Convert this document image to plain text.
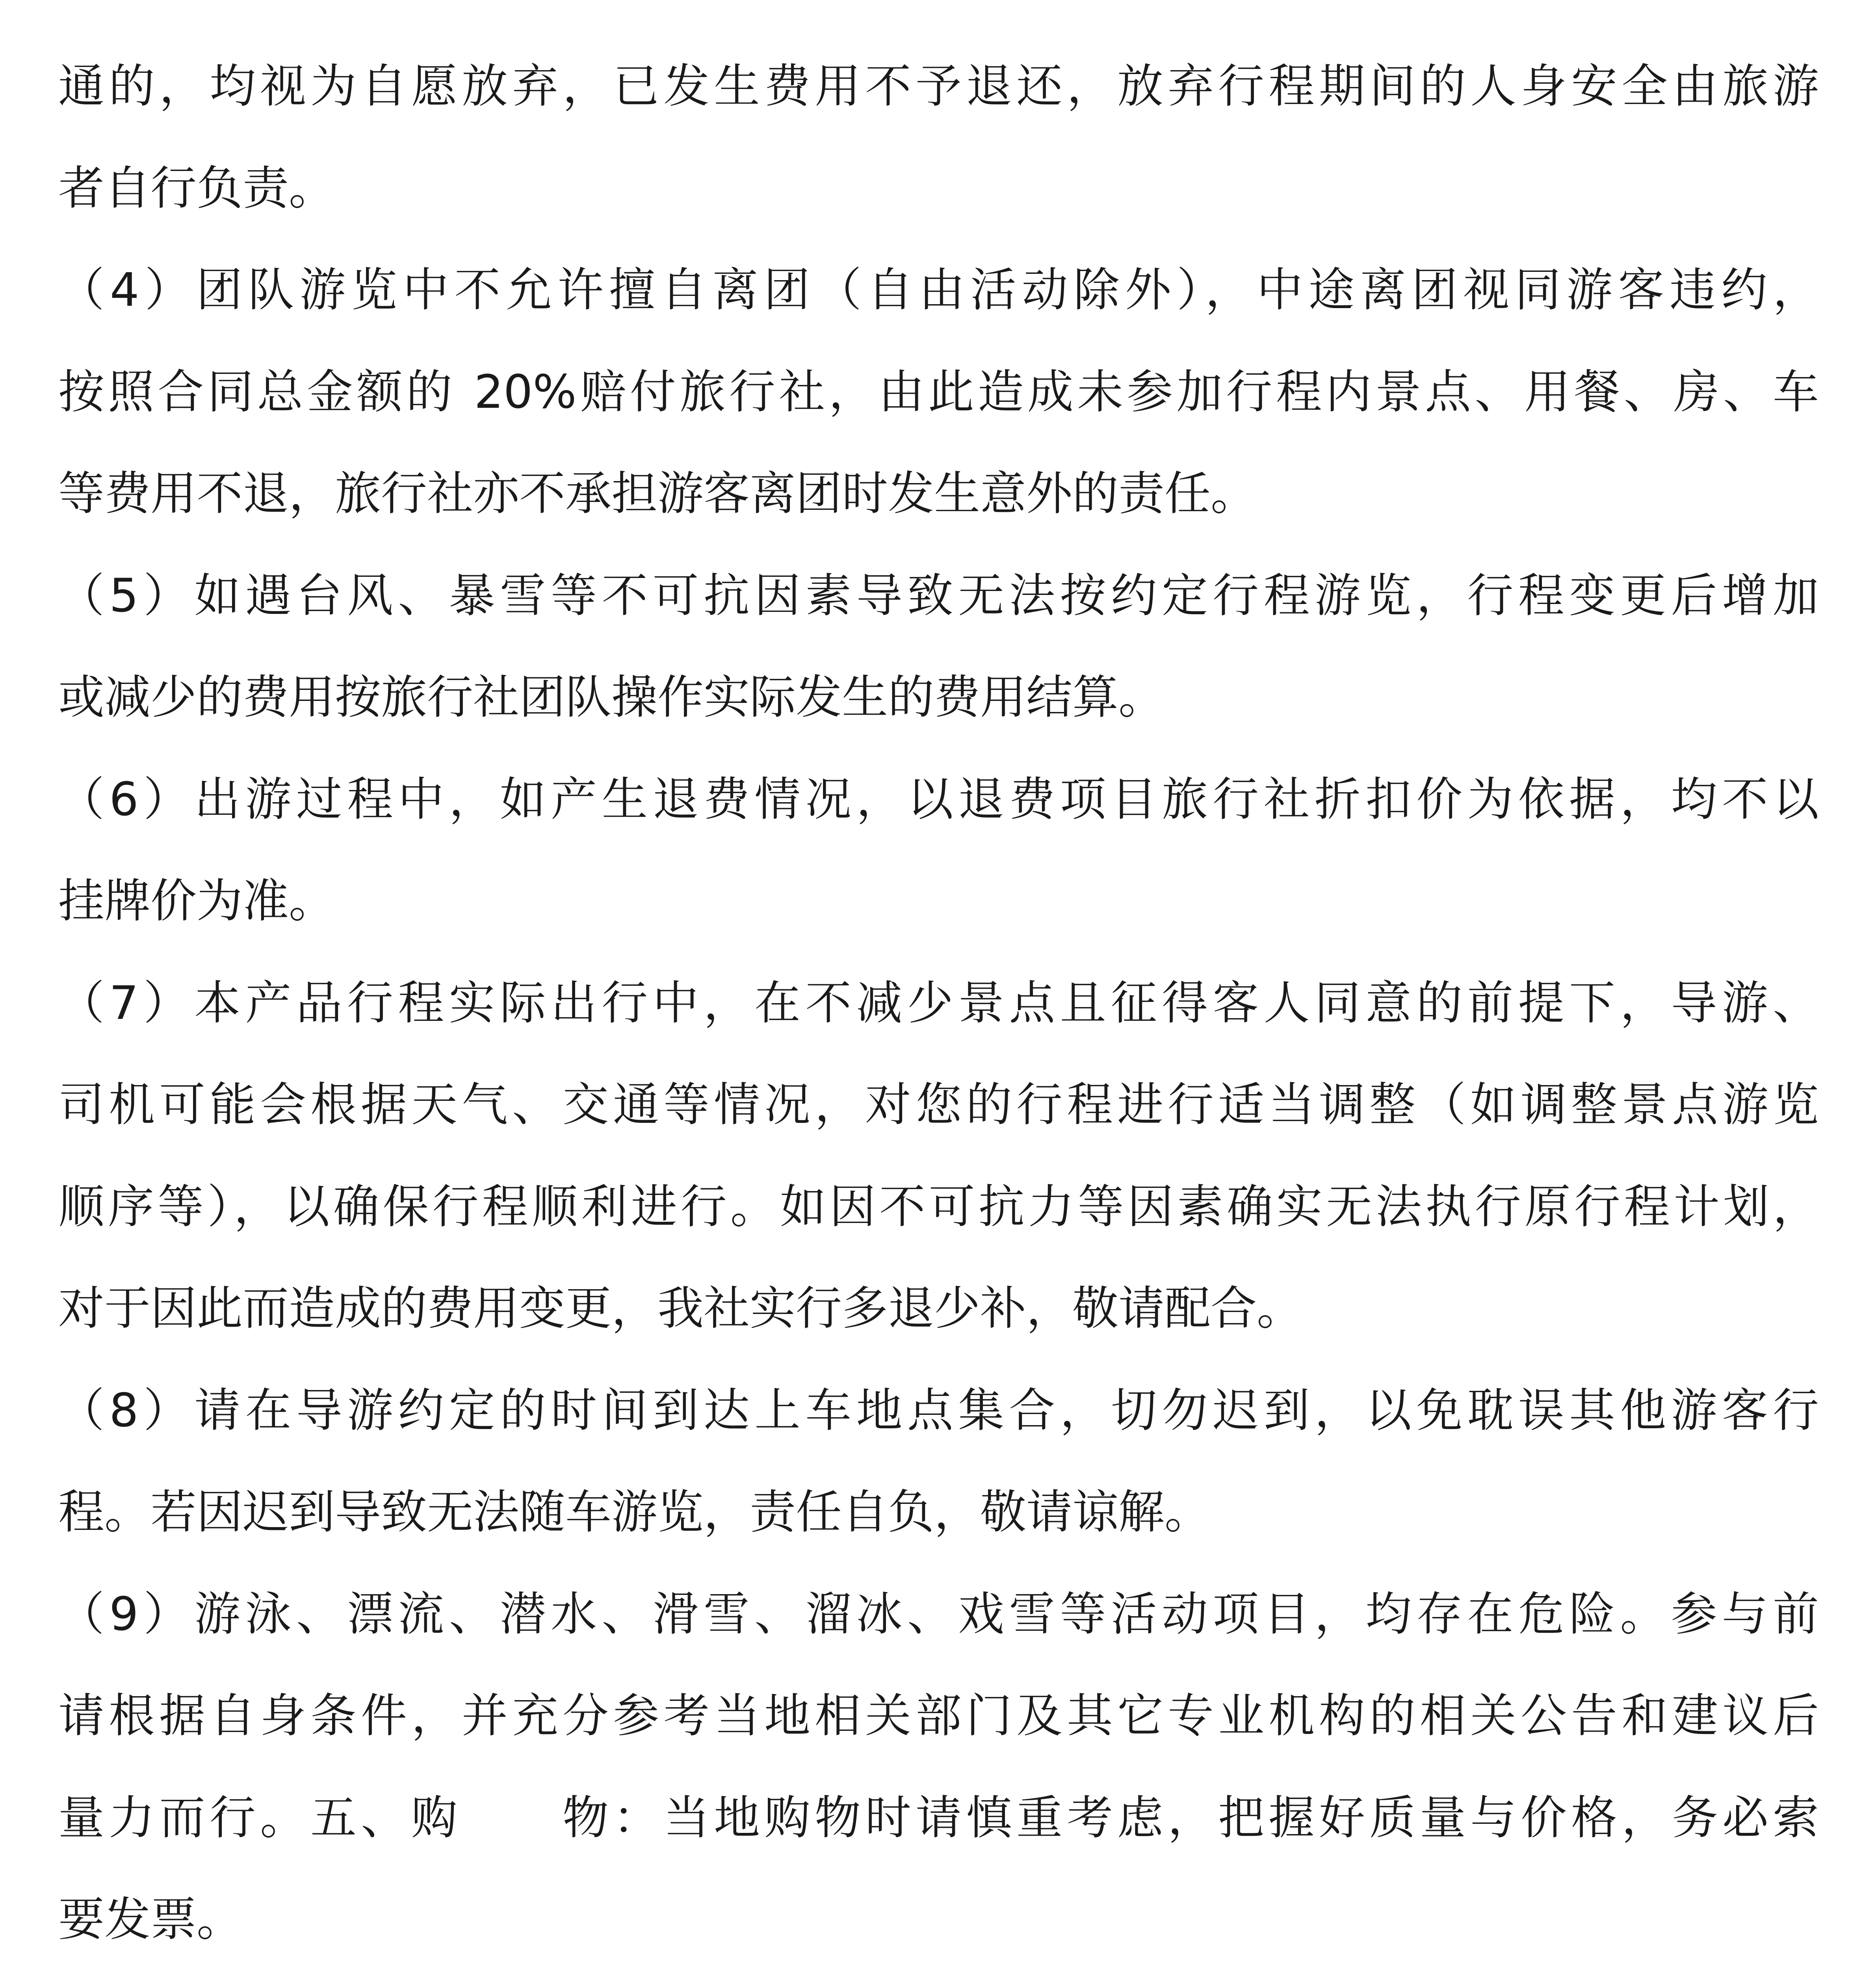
通的，均视为自愿放弃，已发生费用不予退还，放弃行程期间的人身安全由旅游
者自行负责。
（4）团队游览中不允许擅自离团（自由活动除外），中途离团视同游客违约，
按照合同总金额的 20%赔付旅行社，由此造成未参加行程内景点、用餐、房、车
等费用不退，旅行社亦不承担游客离团时发生意外的责任。
（5）如遇台风、暴雪等不可抗因素导致无法按约定行程游览，行程变更后增加
或减少的费用按旅行社团队操作实际发生的费用结算。
（6）出游过程中，如产生退费情况，以退费项目旅行社折扣价为依据，均不以
挂牌价为准。
（7）本产品行程实际出行中，在不减少景点且征得客人同意的前提下，导游、
司机可能会根据天气、交通等情况，对您的行程进行适当调整（如调整景点游览
顺序等），以确保行程顺利进行。如因不可抗力等因素确实无法执行原行程计划，
对于因此而造成的费用变更，我社实行多退少补，敬请配合。
（8）请在导游约定的时间到达上车地点集合，切勿迟到，以免耽误其他游客行
程。若因迟到导致无法随车游览，责任自负，敬请谅解。
（9）游泳、漂流、潜水、滑雪、溜冰、戏雪等活动项目，均存在危险。参与前
请根据自身条件，并充分参考当地相关部门及其它专业机构的相关公告和建议后
量力而行。五、购　　物：当地购物时请慎重考虑，把握好质量与价格，务必索
要发票。
